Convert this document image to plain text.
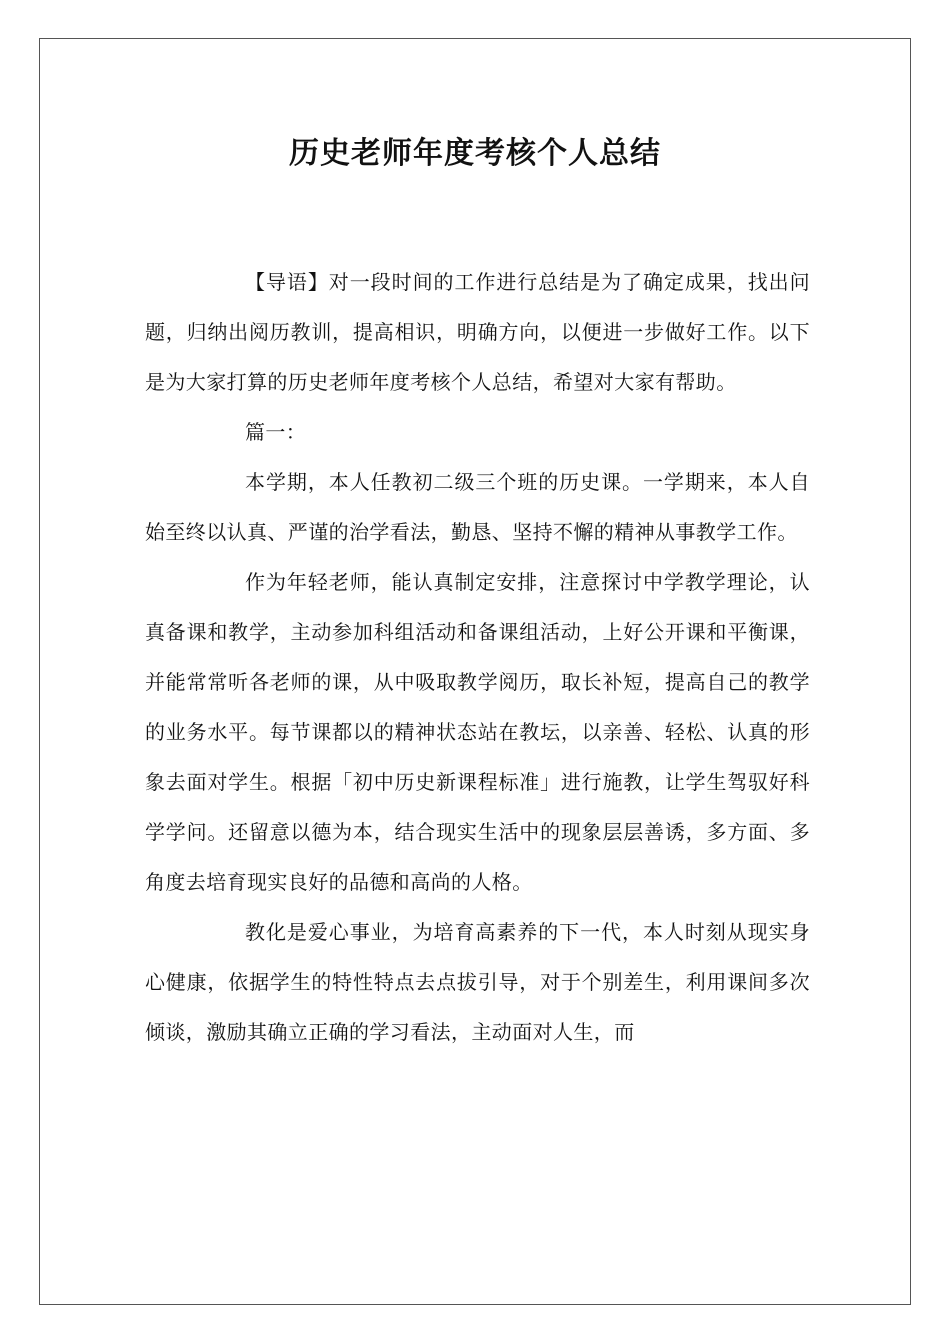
历史老师年度考核个人总结

【导语】对一段时间的工作进行总结是为了确定成果，找出问题，归纳出阅历教训，提高相识，明确方向，以便进一步做好工作。以下是为大家打算的历史老师年度考核个人总结，希望对大家有帮助。

篇一：

本学期，本人任教初二级三个班的历史课。一学期来，本人自始至终以认真、严谨的治学看法，勤恳、坚持不懈的精神从事教学工作。

作为年轻老师，能认真制定安排，注意探讨中学教学理论，认真备课和教学，主动参加科组活动和备课组活动，上好公开课和平衡课，并能常常听各老师的课，从中吸取教学阅历，取长补短，提高自己的教学的业务水平。每节课都以的精神状态站在教坛，以亲善、轻松、认真的形象去面对学生。根据「初中历史新课程标准」进行施教，让学生驾驭好科学学问。还留意以德为本，结合现实生活中的现象层层善诱，多方面、多角度去培育现实良好的品德和高尚的人格。

教化是爱心事业，为培育高素养的下一代，本人时刻从现实身心健康，依据学生的特性特点去点拔引导，对于个别差生，利用课间多次倾谈，激励其确立正确的学习看法，主动面对人生，而
